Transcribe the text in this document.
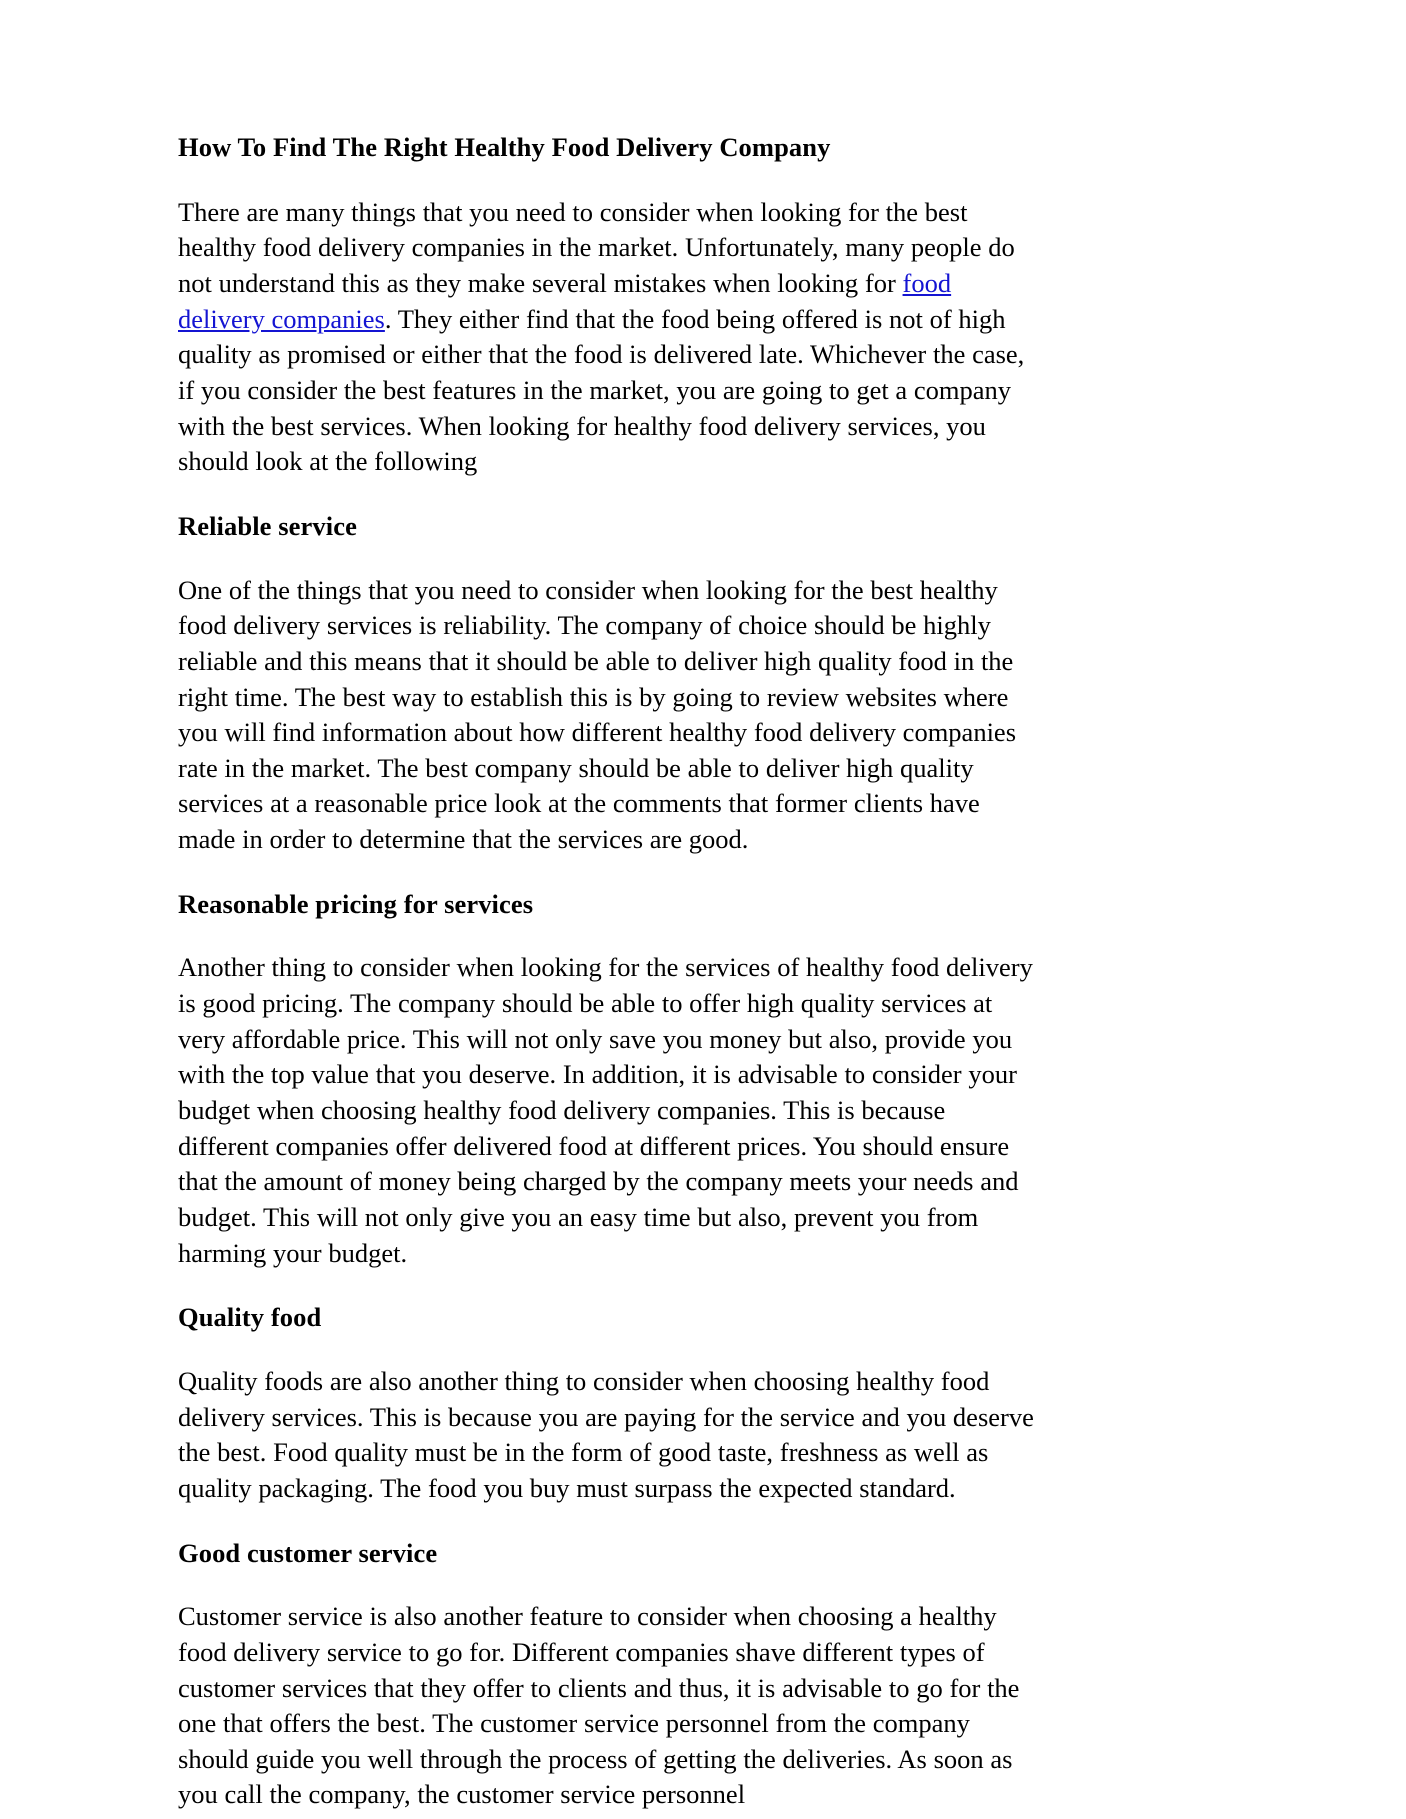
How To Find The Right Healthy Food Delivery Company

There are many things that you need to consider when looking for the best healthy food delivery companies in the market. Unfortunately, many people do not understand this as they make several mistakes when looking for food delivery companies. They either find that the food being offered is not of high quality as promised or either that the food is delivered late. Whichever the case, if you consider the best features in the market, you are going to get a company with the best services. When looking for healthy food delivery services, you should look at the following

Reliable service

One of the things that you need to consider when looking for the best healthy food delivery services is reliability. The company of choice should be highly reliable and this means that it should be able to deliver high quality food in the right time. The best way to establish this is by going to review websites where you will find information about how different healthy food delivery companies rate in the market. The best company should be able to deliver high quality services at a reasonable price look at the comments that former clients have made in order to determine that the services are good.

Reasonable pricing for services

Another thing to consider when looking for the services of healthy food delivery is good pricing. The company should be able to offer high quality services at very affordable price. This will not only save you money but also, provide you with the top value that you deserve. In addition, it is advisable to consider your budget when choosing healthy food delivery companies. This is because different companies offer delivered food at different prices. You should ensure that the amount of money being charged by the company meets your needs and budget. This will not only give you an easy time but also, prevent you from harming your budget.

Quality food

Quality foods are also another thing to consider when choosing healthy food delivery services. This is because you are paying for the service and you deserve the best. Food quality must be in the form of good taste, freshness as well as quality packaging. The food you buy must surpass the expected standard.

Good customer service

Customer service is also another feature to consider when choosing a healthy food delivery service to go for. Different companies shave different types of customer services that they offer to clients and thus, it is advisable to go for the one that offers the best. The customer service personnel from the company should guide you well through the process of getting the deliveries. As soon as you call the company, the customer service personnel
